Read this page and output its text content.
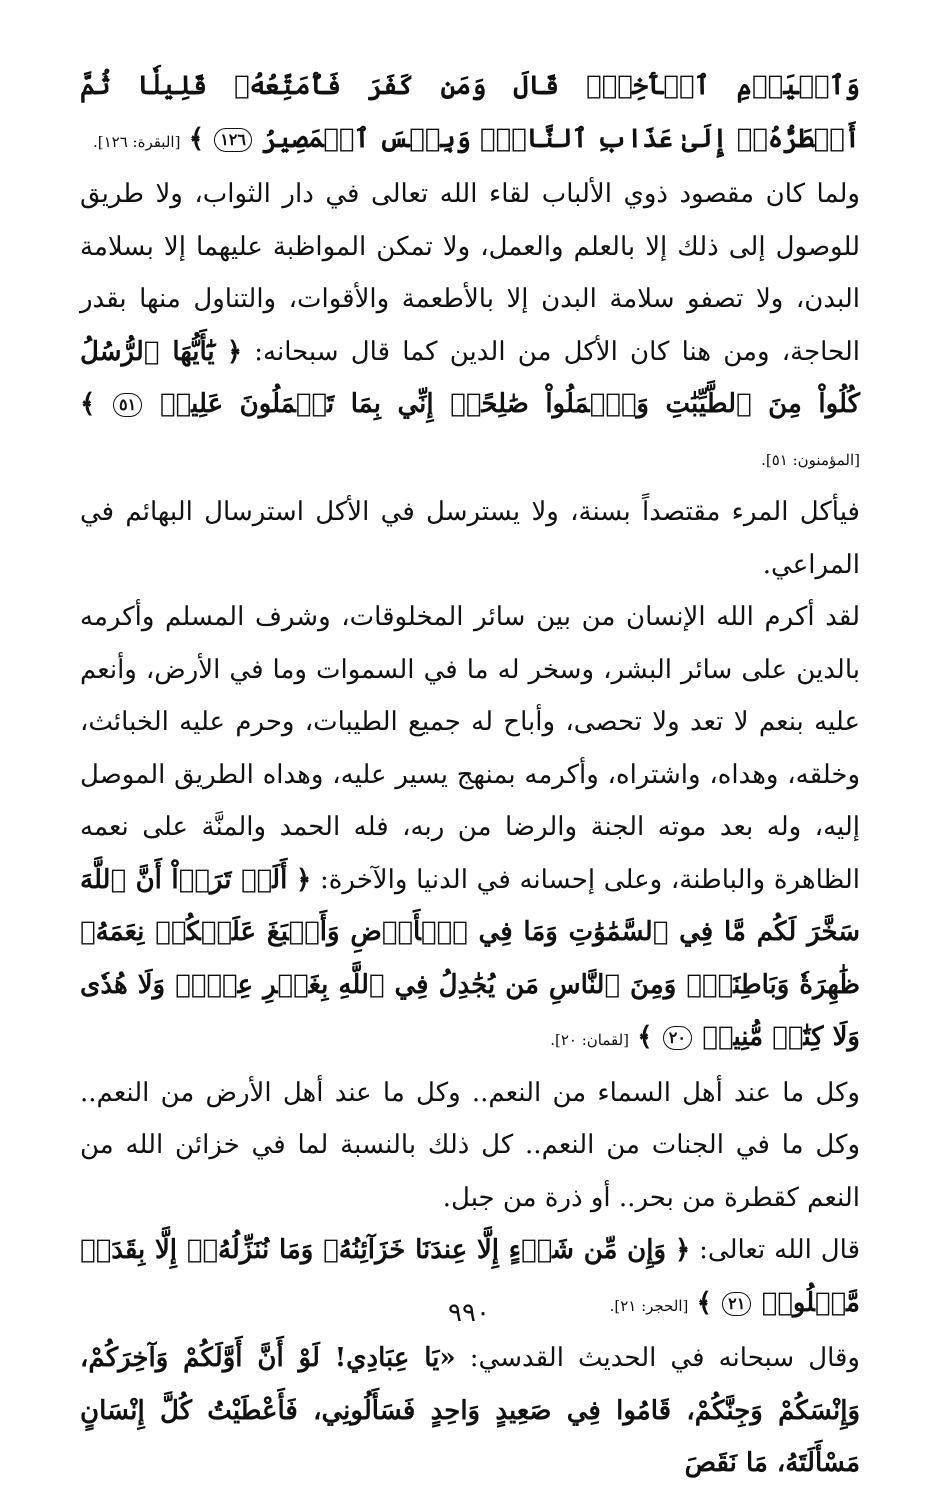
وَٱلۡيَوۡمِ ٱلۡأٓخِرِۖ قَالَ وَمَن كَفَرَ فَأُمَتِّعُهُۥ قَلِيلٗا ثُمَّ أَضۡطَرُّهُۥٓ إِلَىٰ عَذَابِ ٱلنَّارِۖ وَبِئۡسَ ٱلۡمَصِيرُ ١٢٦ ﴾ [البقرة: ١٢٦].

ولما كان مقصود ذوي الألباب لقاء الله تعالى في دار الثواب، ولا طريق للوصول إلى ذلك إلا بالعلم والعمل، ولا تمكن المواظبة عليهما إلا بسلامة البدن، ولا تصفو سلامة البدن إلا بالأطعمة والأقوات، والتناول منها بقدر الحاجة، ومن هنا كان الأكل من الدين كما قال سبحانه: ﴿ يَٰٓأَيُّهَا ٱلرُّسُلُ كُلُواْ مِنَ ٱلطَّيِّبَٰتِ وَٱعۡمَلُواْ صَٰلِحًاۖ إِنِّي بِمَا تَعۡمَلُونَ عَلِيمٞ ٥١ ﴾ [المؤمنون: ٥١].

فيأكل المرء مقتصداً بسنة، ولا يسترسل في الأكل استرسال البهائم في المراعي.

لقد أكرم الله الإنسان من بين سائر المخلوقات، وشرف المسلم وأكرمه بالدين على سائر البشر، وسخر له ما في السموات وما في الأرض، وأنعم عليه بنعم لا تعد ولا تحصى، وأباح له جميع الطيبات، وحرم عليه الخبائث، وخلقه، وهداه، واشتراه، وأكرمه بمنهج يسير عليه، وهداه الطريق الموصل إليه، وله بعد موته الجنة والرضا من ربه، فله الحمد والمنَّة على نعمه الظاهرة والباطنة، وعلى إحسانه في الدنيا والآخرة: ﴿ أَلَمۡ تَرَوۡاْ أَنَّ ٱللَّهَ سَخَّرَ لَكُم مَّا فِي ٱلسَّمَٰوَٰتِ وَمَا فِي ٱلۡأَرۡضِ وَأَسۡبَغَ عَلَيۡكُمۡ نِعَمَهُۥ ظَٰهِرَةٗ وَبَاطِنَةٗۗ وَمِنَ ٱلنَّاسِ مَن يُجَٰدِلُ فِي ٱللَّهِ بِغَيۡرِ عِلۡمٖ وَلَا هُدٗى وَلَا كِتَٰبٖ مُّنِيرٖ ٢٠ ﴾ [لقمان: ٢٠].

وكل ما عند أهل السماء من النعم.. وكل ما عند أهل الأرض من النعم.. وكل ما في الجنات من النعم.. كل ذلك بالنسبة لما في خزائن الله من النعم كقطرة من بحر.. أو ذرة من جبل.

قال الله تعالى: ﴿ وَإِن مِّن شَيۡءٍ إِلَّا عِندَنَا خَزَآئِنُهُۥ وَمَا نُنَزِّلُهُۥٓ إِلَّا بِقَدَرٖ مَّعۡلُومٖ ٢١ ﴾ [الحجر: ٢١].

وقال سبحانه في الحديث القدسي: «يَا عِبَادِي! لَوْ أَنَّ أَوَّلَكُمْ وَآخِرَكُمْ، وَإِنْسَكُمْ وَجِنَّكُمْ، قَامُوا فِي صَعِيدٍ وَاحِدٍ فَسَأَلُونِي، فَأَعْطَيْتُ كُلَّ إِنْسَانٍ مَسْأَلَتَهُ، مَا نَقَصَ

٩٩٠
